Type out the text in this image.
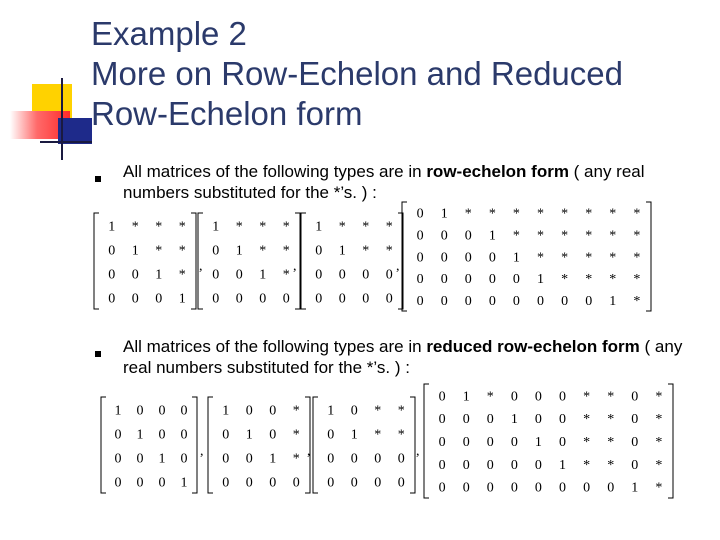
Example 2
More on Row-Echelon and Reduced
Row-Echelon form

All matrices of the following types are in row-echelon form ( any real numbers substituted for the *’s. ) :

All matrices of the following types are in reduced row-echelon form ( any real numbers substituted for the *’s. ) :

1 * * *
0 1 * *
0 0 1 *
0 0 0 1
,
1 * * *
0 1 * *
0 0 1 *
0 0 0 0
,
1 * * *
0 1 * *
0 0 0 0
0 0 0 0
,
0 1 * * * * * * * *
0 0 0 1 * * * * * *
0 0 0 0 1 * * * * *
0 0 0 0 0 1 * * * *
0 0 0 0 0 0 0 0 1 *
1 0 0 0
0 1 0 0
0 0 1 0
0 0 0 1
,
1 0 0 *
0 1 0 *
0 0 1 *
0 0 0 0
,
1 0 * *
0 1 * *
0 0 0 0
0 0 0 0
,
0 1 * 0 0 0 * * 0 *
0 0 0 1 0 0 * * 0 *
0 0 0 0 1 0 * * 0 *
0 0 0 0 0 1 * * 0 *
0 0 0 0 0 0 0 0 1 *
